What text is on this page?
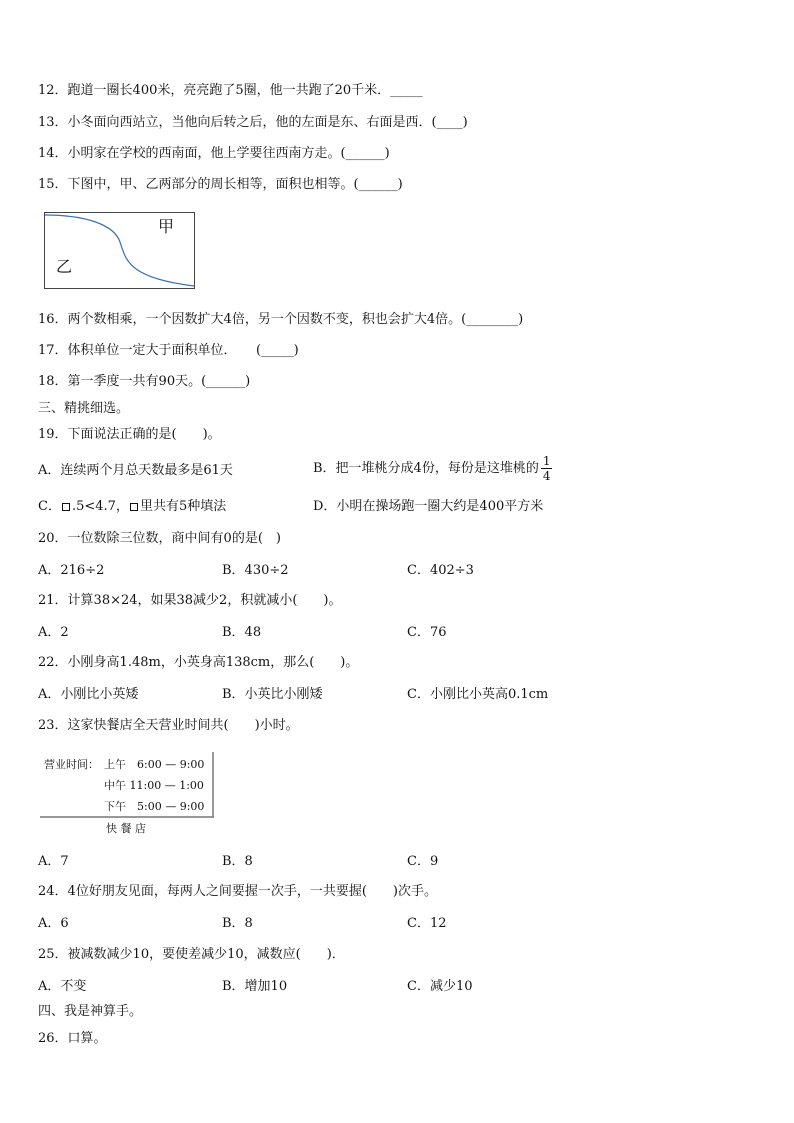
12．跑道一圈长400米，亮亮跑了5圈，他一共跑了20千米．_____
13．小冬面向西站立，当他向后转之后，他的左面是东、右面是西．(____)
14．小明家在学校的西南面，他上学要往西南方走。(______)
15．下图中，甲、乙两部分的周长相等，面积也相等。(______)
甲
乙
16．两个数相乘，一个因数扩大4倍，另一个因数不变，积也会扩大4倍。(________)
17．体积单位一定大于面积单位．　　(_____)
18．第一季度一共有90天。(______)
三、精挑细选。
19．下面说法正确的是(　　)。
A．连续两个月总天数最多是61天	B．把一堆桃分成4份，每份是这堆桃的 $\frac{1}{4}$
C． .5<4.7， 里共有5种填法	D．小明在操场跑一圈大约是400平方米
20．一位数除三位数，商中间有0的是(　)
A．216÷2	B．430÷2	C．402÷3
21．计算38×24，如果38减少2，积就减小(　　)。
A．2	B．48	C．76
22．小刚身高1.48m，小英身高138cm，那么(　　)。
A．小刚比小英矮	B．小英比小刚矮	C．小刚比小英高0.1cm
23．这家快餐店全天营业时间共(　　)小时。
营业时间： 上午　6:00 — 9:00
中午 11:00 — 1:00
下午　5:00 — 9:00
快 餐 店
A．7	B．8	C．9
24．4位好朋友见面，每两人之间要握一次手，一共要握(　　)次手。
A．6	B．8	C．12
25．被减数减少10，要使差减少10，减数应(　　)．
A．不变	B．增加10	C．减少10
四、我是神算手。
26．口算。
